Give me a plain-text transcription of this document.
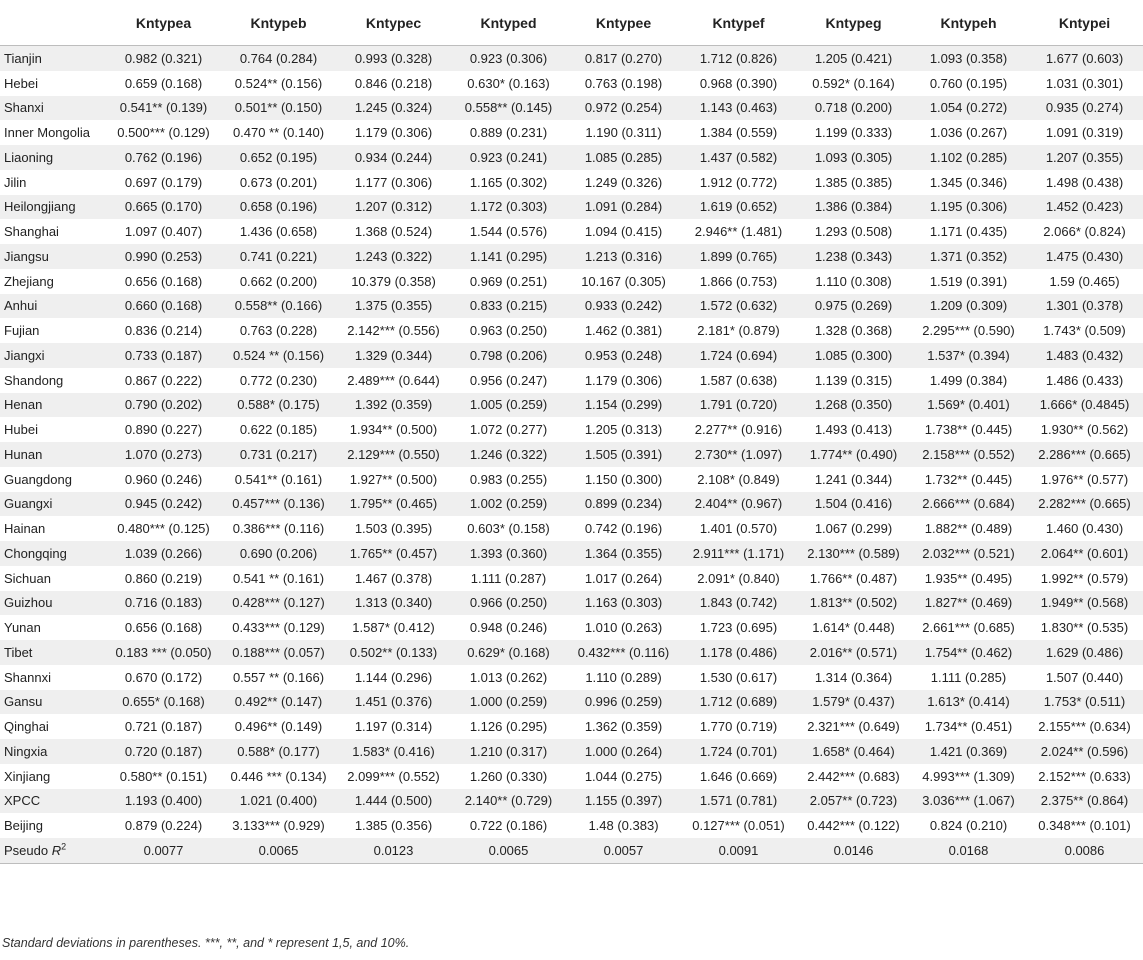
	Kntypea	Kntypeb	Kntypec	Kntyped	Kntypee	Kntypef	Kntypeg	Kntypeh	Kntypei
Tianjin	0.982 (0.321)	0.764 (0.284)	0.993 (0.328)	0.923 (0.306)	0.817 (0.270)	1.712 (0.826)	1.205 (0.421)	1.093 (0.358)	1.677 (0.603)
Hebei	0.659 (0.168)	0.524** (0.156)	0.846 (0.218)	0.630* (0.163)	0.763 (0.198)	0.968 (0.390)	0.592* (0.164)	0.760 (0.195)	1.031 (0.301)
Shanxi	0.541** (0.139)	0.501** (0.150)	1.245 (0.324)	0.558** (0.145)	0.972 (0.254)	1.143 (0.463)	0.718 (0.200)	1.054 (0.272)	0.935 (0.274)
Inner Mongolia	0.500*** (0.129)	0.470 ** (0.140)	1.179 (0.306)	0.889 (0.231)	1.190 (0.311)	1.384 (0.559)	1.199 (0.333)	1.036 (0.267)	1.091 (0.319)
Liaoning	0.762 (0.196)	0.652 (0.195)	0.934 (0.244)	0.923 (0.241)	1.085 (0.285)	1.437 (0.582)	1.093 (0.305)	1.102 (0.285)	1.207 (0.355)
Jilin	0.697 (0.179)	0.673 (0.201)	1.177 (0.306)	1.165 (0.302)	1.249 (0.326)	1.912 (0.772)	1.385 (0.385)	1.345 (0.346)	1.498 (0.438)
Heilongjiang	0.665 (0.170)	0.658 (0.196)	1.207 (0.312)	1.172 (0.303)	1.091 (0.284)	1.619 (0.652)	1.386 (0.384)	1.195 (0.306)	1.452 (0.423)
Shanghai	1.097 (0.407)	1.436 (0.658)	1.368 (0.524)	1.544 (0.576)	1.094 (0.415)	2.946** (1.481)	1.293 (0.508)	1.171 (0.435)	2.066* (0.824)
Jiangsu	0.990 (0.253)	0.741 (0.221)	1.243 (0.322)	1.141 (0.295)	1.213 (0.316)	1.899 (0.765)	1.238 (0.343)	1.371 (0.352)	1.475 (0.430)
Zhejiang	0.656 (0.168)	0.662 (0.200)	10.379 (0.358)	0.969 (0.251)	10.167 (0.305)	1.866 (0.753)	1.110 (0.308)	1.519 (0.391)	1.59 (0.465)
Anhui	0.660 (0.168)	0.558** (0.166)	1.375 (0.355)	0.833 (0.215)	0.933 (0.242)	1.572 (0.632)	0.975 (0.269)	1.209 (0.309)	1.301 (0.378)
Fujian	0.836 (0.214)	0.763 (0.228)	2.142*** (0.556)	0.963 (0.250)	1.462 (0.381)	2.181* (0.879)	1.328 (0.368)	2.295*** (0.590)	1.743* (0.509)
Jiangxi	0.733 (0.187)	0.524 ** (0.156)	1.329 (0.344)	0.798 (0.206)	0.953 (0.248)	1.724 (0.694)	1.085 (0.300)	1.537* (0.394)	1.483 (0.432)
Shandong	0.867 (0.222)	0.772 (0.230)	2.489*** (0.644)	0.956 (0.247)	1.179 (0.306)	1.587 (0.638)	1.139 (0.315)	1.499 (0.384)	1.486 (0.433)
Henan	0.790 (0.202)	0.588* (0.175)	1.392 (0.359)	1.005 (0.259)	1.154 (0.299)	1.791 (0.720)	1.268 (0.350)	1.569* (0.401)	1.666* (0.4845)
Hubei	0.890 (0.227)	0.622 (0.185)	1.934** (0.500)	1.072 (0.277)	1.205 (0.313)	2.277** (0.916)	1.493 (0.413)	1.738** (0.445)	1.930** (0.562)
Hunan	1.070 (0.273)	0.731 (0.217)	2.129*** (0.550)	1.246 (0.322)	1.505 (0.391)	2.730** (1.097)	1.774** (0.490)	2.158*** (0.552)	2.286*** (0.665)
Guangdong	0.960 (0.246)	0.541** (0.161)	1.927** (0.500)	0.983 (0.255)	1.150 (0.300)	2.108* (0.849)	1.241 (0.344)	1.732** (0.445)	1.976** (0.577)
Guangxi	0.945 (0.242)	0.457*** (0.136)	1.795** (0.465)	1.002 (0.259)	0.899 (0.234)	2.404** (0.967)	1.504 (0.416)	2.666*** (0.684)	2.282*** (0.665)
Hainan	0.480*** (0.125)	0.386*** (0.116)	1.503 (0.395)	0.603* (0.158)	0.742 (0.196)	1.401 (0.570)	1.067 (0.299)	1.882** (0.489)	1.460 (0.430)
Chongqing	1.039 (0.266)	0.690 (0.206)	1.765** (0.457)	1.393 (0.360)	1.364 (0.355)	2.911*** (1.171)	2.130*** (0.589)	2.032*** (0.521)	2.064** (0.601)
Sichuan	0.860 (0.219)	0.541 ** (0.161)	1.467 (0.378)	1.111 (0.287)	1.017 (0.264)	2.091* (0.840)	1.766** (0.487)	1.935** (0.495)	1.992** (0.579)
Guizhou	0.716 (0.183)	0.428*** (0.127)	1.313 (0.340)	0.966 (0.250)	1.163 (0.303)	1.843 (0.742)	1.813** (0.502)	1.827** (0.469)	1.949** (0.568)
Yunan	0.656 (0.168)	0.433*** (0.129)	1.587* (0.412)	0.948 (0.246)	1.010 (0.263)	1.723 (0.695)	1.614* (0.448)	2.661*** (0.685)	1.830** (0.535)
Tibet	0.183 *** (0.050)	0.188*** (0.057)	0.502** (0.133)	0.629* (0.168)	0.432*** (0.116)	1.178 (0.486)	2.016** (0.571)	1.754** (0.462)	1.629 (0.486)
Shannxi	0.670 (0.172)	0.557 ** (0.166)	1.144 (0.296)	1.013 (0.262)	1.110 (0.289)	1.530 (0.617)	1.314 (0.364)	1.111 (0.285)	1.507 (0.440)
Gansu	0.655* (0.168)	0.492** (0.147)	1.451 (0.376)	1.000 (0.259)	0.996 (0.259)	1.712 (0.689)	1.579* (0.437)	1.613* (0.414)	1.753* (0.511)
Qinghai	0.721 (0.187)	0.496** (0.149)	1.197 (0.314)	1.126 (0.295)	1.362 (0.359)	1.770 (0.719)	2.321*** (0.649)	1.734** (0.451)	2.155*** (0.634)
Ningxia	0.720 (0.187)	0.588* (0.177)	1.583* (0.416)	1.210 (0.317)	1.000 (0.264)	1.724 (0.701)	1.658* (0.464)	1.421 (0.369)	2.024** (0.596)
Xinjiang	0.580** (0.151)	0.446 *** (0.134)	2.099*** (0.552)	1.260 (0.330)	1.044 (0.275)	1.646 (0.669)	2.442*** (0.683)	4.993*** (1.309)	2.152*** (0.633)
XPCC	1.193 (0.400)	1.021 (0.400)	1.444 (0.500)	2.140** (0.729)	1.155 (0.397)	1.571 (0.781)	2.057** (0.723)	3.036*** (1.067)	2.375** (0.864)
Beijing	0.879 (0.224)	3.133*** (0.929)	1.385 (0.356)	0.722 (0.186)	1.48 (0.383)	0.127*** (0.051)	0.442*** (0.122)	0.824 (0.210)	0.348*** (0.101)
Pseudo $R^2$	0.0077	0.0065	0.0123	0.0065	0.0057	0.0091	0.0146	0.0168	0.0086
Standard deviations in parentheses. ***, **, and * represent 1,5, and 10%.
